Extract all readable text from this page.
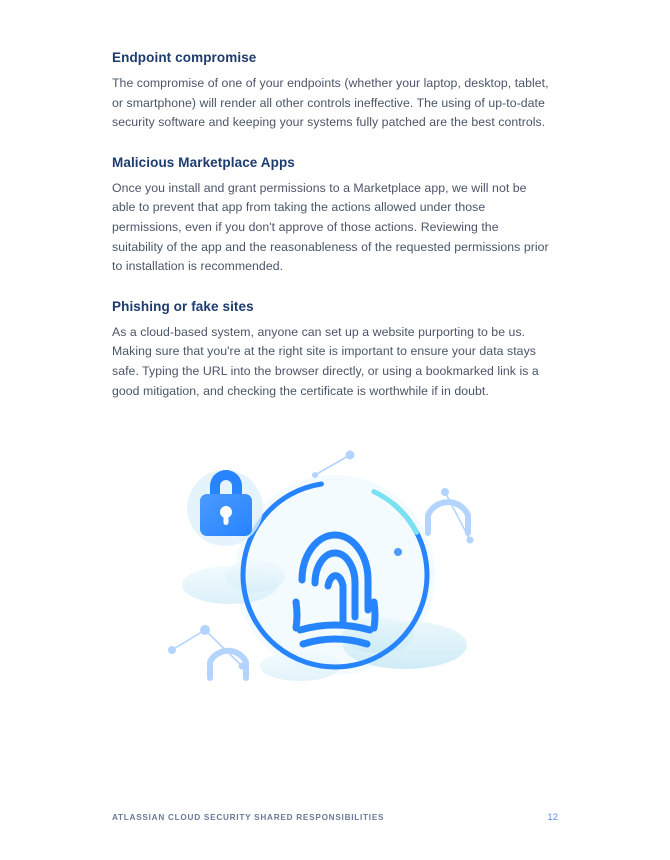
Endpoint compromise

The compromise of one of your endpoints (whether your laptop, desktop, tablet, or smartphone) will render all other controls ineffective. The using of up-to-date security software and keeping your systems fully patched are the best controls.

Malicious Marketplace Apps

Once you install and grant permissions to a Marketplace app, we will not be able to prevent that app from taking the actions allowed under those permissions, even if you don't approve of those actions. Reviewing the suitability of the app and the reasonableness of the requested permissions prior to installation is recommended.

Phishing or fake sites

As a cloud-based system, anyone can set up a website purporting to be us. Making sure that you're at the right site is important to ensure your data stays safe. Typing the URL into the browser directly, or using a bookmarked link is a good mitigation, and checking the certificate is worthwhile if in doubt.

ATLASSIAN CLOUD SECURITY SHARED RESPONSIBILITIES	12
